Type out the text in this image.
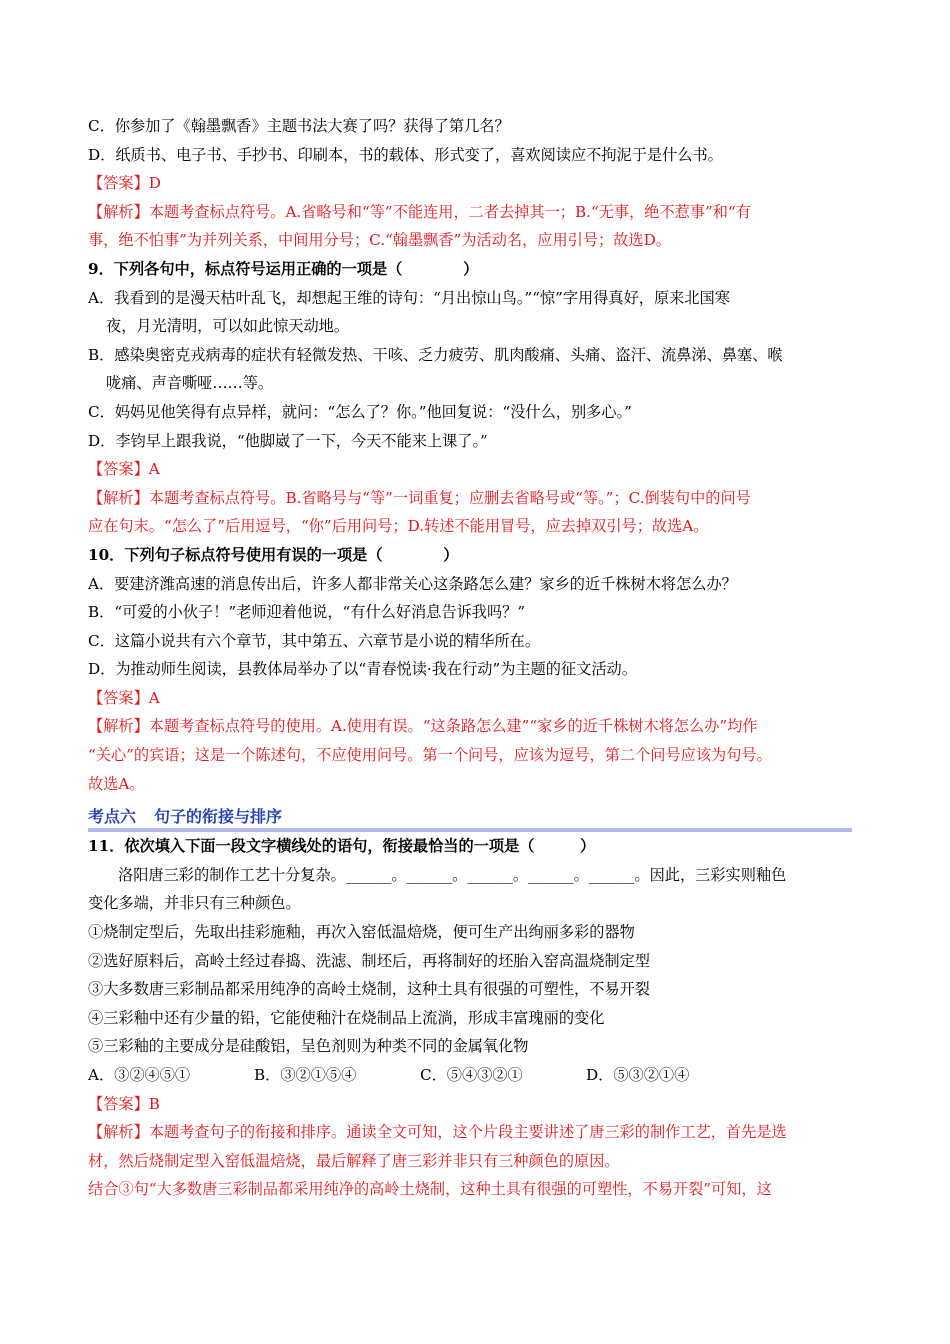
C．你参加了《翰墨飘香》主题书法大赛了吗？获得了第几名？
D．纸质书、电子书、手抄书、印刷本，书的载体、形式变了，喜欢阅读应不拘泥于是什么书。
【答案】D
【解析】本题考查标点符号。A.省略号和“等”不能连用，二者去掉其一；B.“无事，绝不惹事”和“有
事，绝不怕事”为并列关系，中间用分号；C.“翰墨飘香”为活动名，应用引号；故选D。
9．下列各句中，标点符号运用正确的一项是（　　　　）
A．我看到的是漫天枯叶乱飞，却想起王维的诗句：“月出惊山鸟。”“惊”字用得真好，原来北国寒
夜，月光清明，可以如此惊天动地。
B．感染奥密克戎病毒的症状有轻微发热、干咳、乏力疲劳、肌肉酸痛、头痛、盗汗、流鼻涕、鼻塞、喉
咙痛、声音嘶哑……等。
C．妈妈见他笑得有点异样，就问：“怎么了？你。”他回复说：“没什么，别多心。”
D．李钧早上跟我说，“他脚崴了一下，今天不能来上课了。”
【答案】A
【解析】本题考查标点符号。B.省略号与“等”一词重复；应删去省略号或“等。”；C.倒装句中的问号
应在句末。“怎么了”后用逗号，“你”后用问号；D.转述不能用冒号，应去掉双引号；故选A。
10．下列句子标点符号使用有误的一项是（　　　　）
A．要建济潍高速的消息传出后，许多人都非常关心这条路怎么建？家乡的近千株树木将怎么办？
B．“可爱的小伙子！”老师迎着他说，“有什么好消息告诉我吗？”
C．这篇小说共有六个章节，其中第五、六章节是小说的精华所在。
D．为推动师生阅读，县教体局举办了以“青春悦读·我在行动”为主题的征文活动。
【答案】A
【解析】本题考查标点符号的使用。A.使用有误。“这条路怎么建”“家乡的近千株树木将怎么办”均作
“关心”的宾语；这是一个陈述句，不应使用问号。第一个问号，应该为逗号，第二个问号应该为句号。
故选A。
考点六 句子的衔接与排序
11．依次填入下面一段文字横线处的语句，衔接最恰当的一项是（　　　）
洛阳唐三彩的制作工艺十分复杂。______。______。______。______。______。因此，三彩实则釉色
变化多端，并非只有三种颜色。
①烧制定型后，先取出挂彩施釉，再次入窑低温焙烧，便可生产出绚丽多彩的器物
②选好原料后，高岭土经过春捣、洗滤、制坯后，再将制好的坯胎入窑高温烧制定型
③大多数唐三彩制品都采用纯净的高岭土烧制，这种土具有很强的可塑性，不易开裂
④三彩釉中还有少量的铅，它能使釉汁在烧制品上流淌，形成丰富瑰丽的变化
⑤三彩釉的主要成分是硅酸铝，呈色剂则为种类不同的金属氧化物
A．③②④⑤①	B．③②①⑤④	C．⑤④③②①	D．⑤③②①④
【答案】B
【解析】本题考查句子的衔接和排序。通读全文可知，这个片段主要讲述了唐三彩的制作工艺，首先是选
材，然后烧制定型入窑低温焙烧，最后解释了唐三彩并非只有三种颜色的原因。
结合③句“大多数唐三彩制品都采用纯净的高岭土烧制，这种土具有很强的可塑性，不易开裂”可知，这
